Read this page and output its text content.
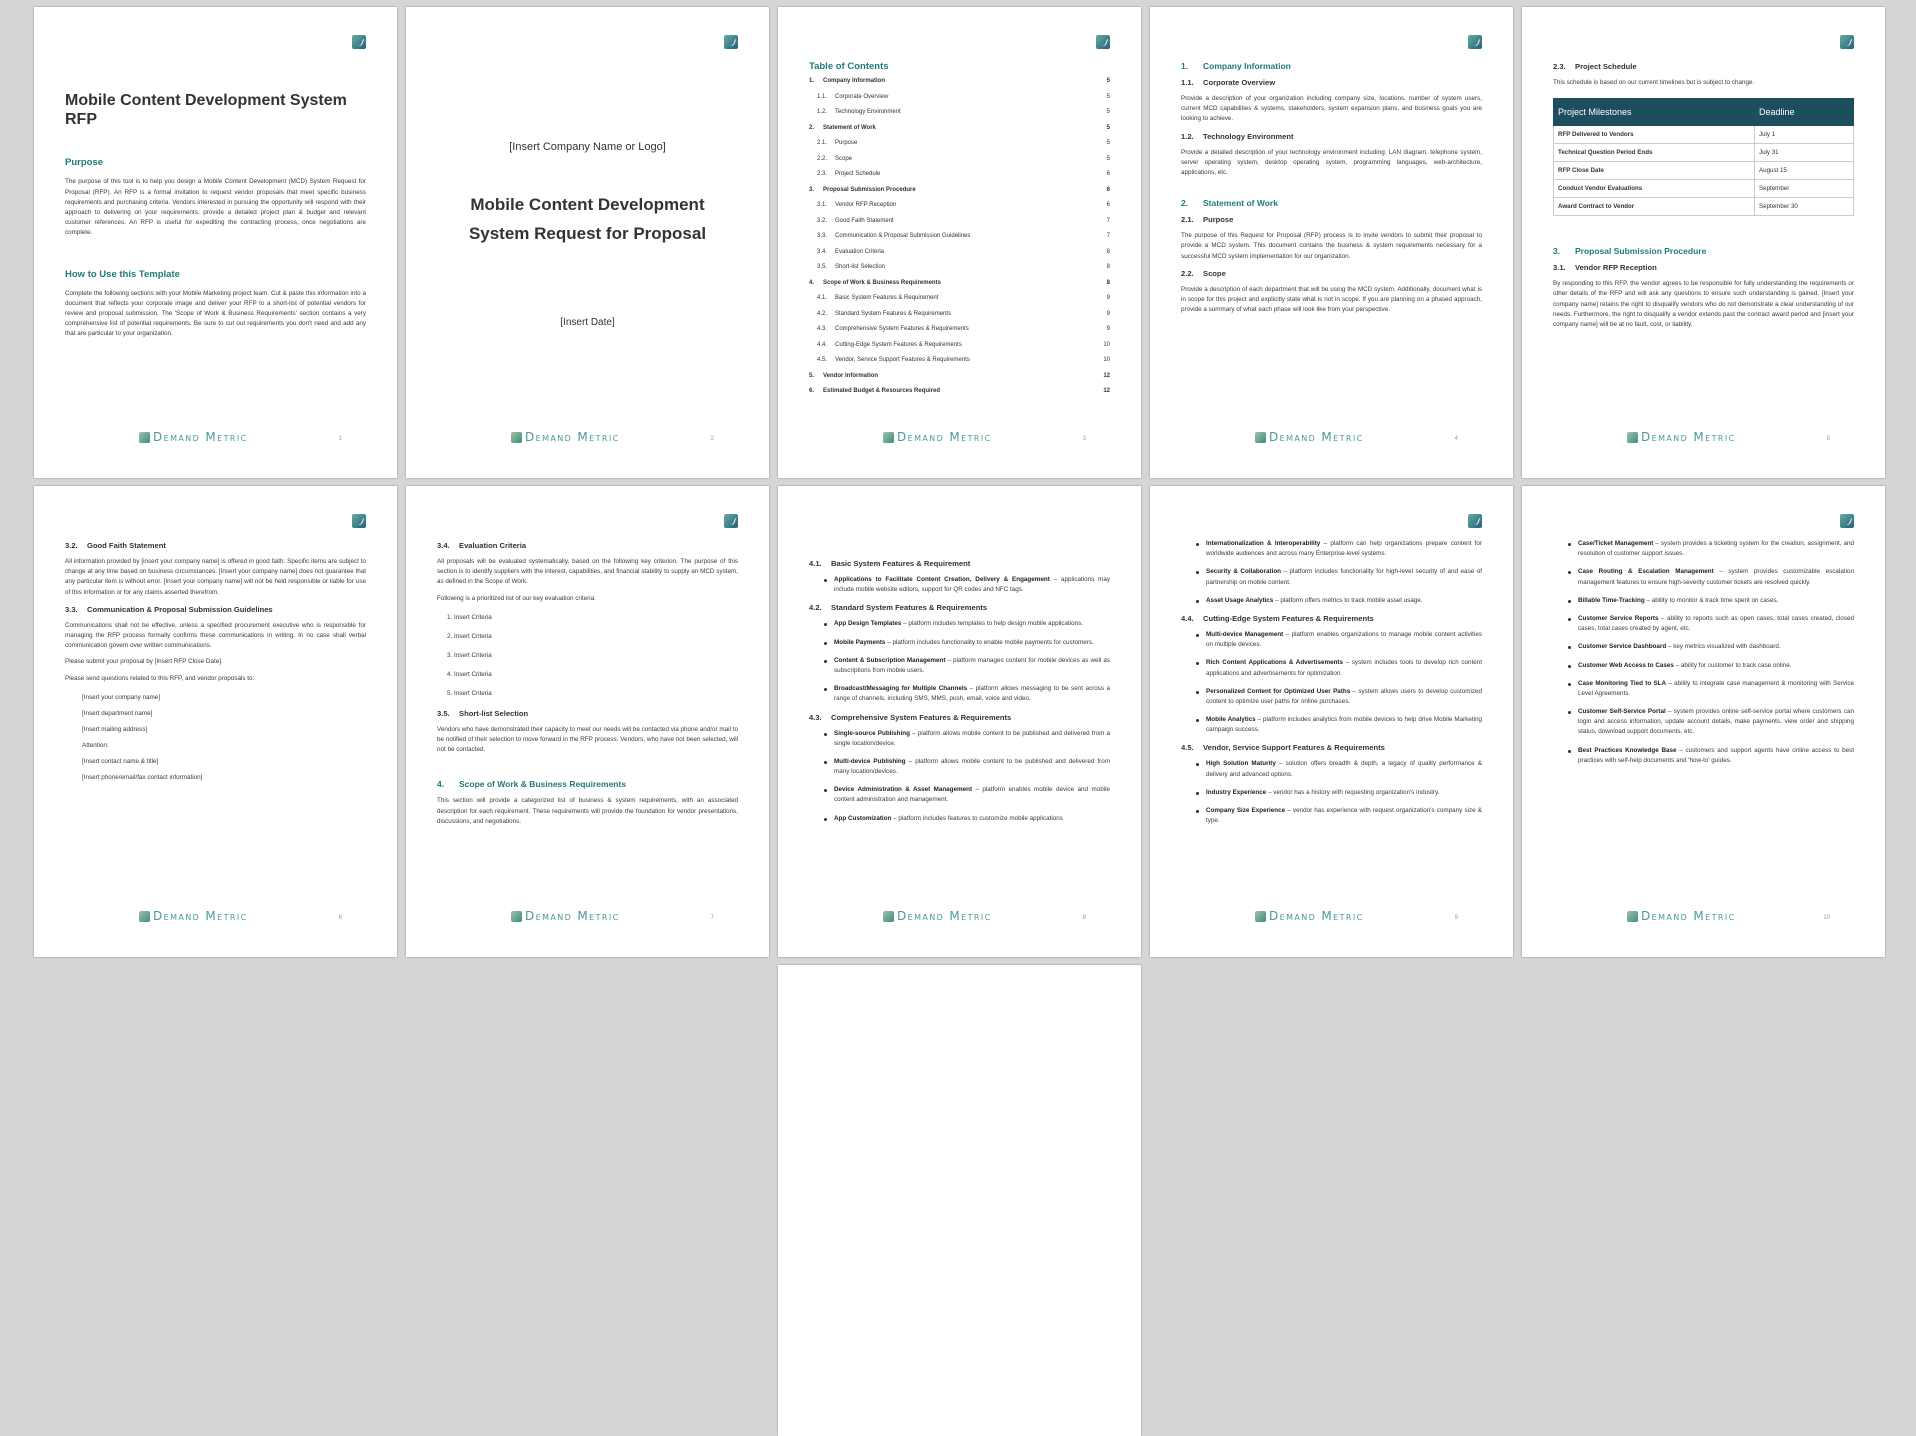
Mobile Content Development System RFP
Purpose

The purpose of this tool is to help you design a Mobile Content Development (MCD) System Request for Proposal (RFP). An RFP is a formal invitation to request vendor proposals that meet specific business requirements and purchasing criteria. Vendors interested in pursuing the opportunity will respond with their approach to delivering on your requirements, provide a detailed project plan & budget and relevant customer references. An RFP is useful for expediting the contracting process, once negotiations are complete.

How to Use this Template

Complete the following sections with your Mobile Marketing project team. Cut & paste this information into a document that reflects your corporate image and deliver your RFP to a short-list of potential vendors for review and proposal submission. The 'Scope of Work & Business Requirements' section contains a very comprehensive list of potential requirements. Be sure to cut out requirements you don't need and add any that are particular to your organization.

Demand Metric	1
[Insert Company Name or Logo]
Mobile Content Development System Request for Proposal
[Insert Date]
Demand Metric	2
Table of Contents
1. Company Information	5
1.1. Corporate Overview	5
1.2. Technology Environment	5
2. Statement of Work	5
2.1. Purpose	5
2.2. Scope	5
2.3. Project Schedule	6
3. Proposal Submission Procedure	6
3.1. Vendor RFP Reception	6
3.2. Good Faith Statement	7
3.3. Communication & Proposal Submission Guidelines	7
3.4. Evaluation Criteria	8
3.5. Short-list Selection	8
4. Scope of Work & Business Requirements	8
4.1. Basic System Features & Requirement	9
4.2. Standard System Features & Requirements	9
4.3. Comprehensive System Features & Requirements	9
4.4. Cutting-Edge System Features & Requirements	10
4.5. Vendor, Service Support Features & Requirements	10
5. Vendor Information	12
6. Estimated Budget & Resources Required	12
Demand Metric	3
1. Company Information
1.1. Corporate Overview

Provide a description of your organization including company size, locations, number of system users, current MCD capabilities & systems, stakeholders, system expansion plans, and business goals you are looking to achieve.

1.2. Technology Environment

Provide a detailed description of your technology environment including: LAN diagram, telephone system, server operating system, desktop operating system, programming languages, web-architecture, applications, etc.

2. Statement of Work
2.1. Purpose

The purpose of this Request for Proposal (RFP) process is to invite vendors to submit their proposal to provide a MCD system. This document contains the business & system requirements necessary for a successful MCD system implementation for our organization.

2.2. Scope

Provide a description of each department that will be using the MCD system. Additionally, document what is in scope for this project and explicitly state what is not in scope. If you are planning on a phased approach, provide a summary of what each phase will look like from your perspective.

Demand Metric	4
2.3. Project Schedule

This schedule is based on our current timelines but is subject to change.

Project Milestones	Deadline
RFP Delivered to Vendors	July 1
Technical Question Period Ends	July 31
RFP Close Date	August 15
Conduct Vendor Evaluations	September
Award Contract to Vendor	September 30
3. Proposal Submission Procedure
3.1. Vendor RFP Reception

By responding to this RFP, the vendor agrees to be responsible for fully understanding the requirements or other details of the RFP and will ask any questions to ensure such understanding is gained. [Insert your company name] retains the right to disqualify vendors who do not demonstrate a clear understanding of our needs. Furthermore, the right to disqualify a vendor extends past the contract award period and [insert your company name] will be at no fault, cost, or liability.

Demand Metric	5
3.2. Good Faith Statement

All information provided by [insert your company name] is offered in good faith. Specific items are subject to change at any time based on business circumstances. [Insert your company name] does not guarantee that any particular item is without error. [Insert your company name] will not be held responsible or liable for use of this information or for any claims asserted therefrom.

3.3. Communication & Proposal Submission Guidelines

Communications shall not be effective, unless a specified procurement executive who is responsible for managing the RFP process formally confirms these communications in writing. In no case shall verbal communication govern over written communications.

Please submit your proposal by [Insert RFP Close Date].

Please send questions related to this RFP, and vendor proposals to:

[Insert your company name]
[Insert department name]
[Insert mailing address]
Attention:
[Insert contact name & title]
[Insert phone/email/fax contact information]
Demand Metric	6
3.4. Evaluation Criteria

All proposals will be evaluated systematically, based on the following key criterion. The purpose of this section is to identify suppliers with the interest, capabilities, and financial stability to supply an MCD system, as defined in the Scope of Work.

Following is a prioritized list of our key evaluation criteria:

1. Insert Criteria
2. Insert Criteria
3. Insert Criteria
4. Insert Criteria
5. Insert Criteria
3.5. Short-list Selection

Vendors who have demonstrated their capacity to meet our needs will be contacted via phone and/or mail to be notified of their selection to move forward in the RFP process. Vendors, who have not been selected, will not be contacted.

4. Scope of Work & Business Requirements

This section will provide a categorized list of business & system requirements, with an associated description for each requirement. These requirements will provide the foundation for vendor presentations, discussions, and negotiations.

Demand Metric	7
4.1. Basic System Features & Requirement
Applications to Facilitate Content Creation, Delivery & Engagement – applications may include mobile website editors, support for QR codes and NFC tags.
4.2. Standard System Features & Requirements
App Design Templates – platform includes templates to help design mobile applications.
Mobile Payments – platform includes functionality to enable mobile payments for customers.
Content & Subscription Management – platform manages content for mobile devices as well as subscriptions from mobile users.
Broadcast/Messaging for Multiple Channels – platform allows messaging to be sent across a range of channels, including SMS, MMS, push, email, voice and video.
4.3. Comprehensive System Features & Requirements
Single-source Publishing – platform allows mobile content to be published and delivered from a single location/device.
Multi-device Publishing – platform allows mobile content to be published and delivered from many location/devices.
Device Administration & Asset Management – platform enables mobile device and mobile content administration and management.
App Customization – platform includes features to customize mobile applications
Demand Metric	8
Internationalization & Interoperability – platform can help organizations prepare content for worldwide audiences and across many Enterprise-level systems.
Security & Collaboration – platform includes functionality for high-level security of and ease of partnership on mobile content.
Asset Usage Analytics – platform offers metrics to track mobile asset usage.
4.4. Cutting-Edge System Features & Requirements
Multi-device Management – platform enables organizations to manage mobile content activities on multiple devices.
Rich Content Applications & Advertisements – system includes tools to develop rich content applications and advertisements for optimization.
Personalized Content for Optimized User Paths – system allows users to develop customized content to optimize user paths for online purchases.
Mobile Analytics – platform includes analytics from mobile devices to help drive Mobile Marketing campaign success.
4.5. Vendor, Service Support Features & Requirements
High Solution Maturity – solution offers breadth & depth, a legacy of quality performance & delivery and advanced options.
Industry Experience – vendor has a history with requesting organization's industry.
Company Size Experience – vendor has experience with request organization's company size & type.
Demand Metric	9
Case/Ticket Management – system provides a ticketing system for the creation, assignment, and resolution of customer support issues.
Case Routing & Escalation Management – system provides customizable escalation management features to ensure high-severity customer tickets are resolved quickly.
Billable Time-Tracking – ability to monitor & track time spent on cases.
Customer Service Reports – ability to reports such as open cases, total cases created, closed cases, total cases created by agent, etc.
Customer Service Dashboard – key metrics visualized with dashboard.
Customer Web Access to Cases – ability for customer to track case online.
Case Monitoring Tied to SLA – ability to integrate case management & monitoring with Service Level Agreements.
Customer Self-Service Portal – system provides online self-service portal where customers can login and access information, update account details, make payments, view order and shipping status, download support documents, etc.
Best Practices Knowledge Base – customers and support agents have online access to best practices with self-help documents and 'how-to' guides.
Demand Metric	10
